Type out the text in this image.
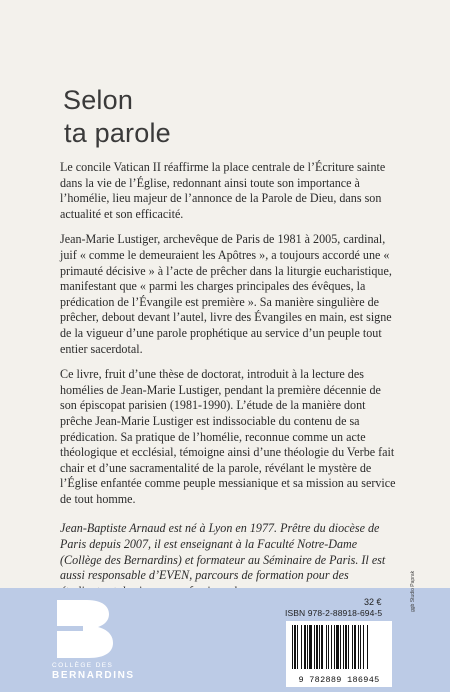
Selon
ta parole

Le concile Vatican II réaffirme la place centrale de l’Écriture sainte dans la vie de l’Église, redonnant ainsi toute son importance à l’homélie, lieu majeur de l’annonce de la Parole de Dieu, dans son actualité et son efficacité.

Jean-Marie Lustiger, archevêque de Paris de 1981 à 2005, cardinal, juif « comme le demeuraient les Apôtres », a toujours accordé une « primauté décisive » à l’acte de prêcher dans la liturgie eucharistique, manifestant que « parmi les charges principales des évêques, la prédication de l’Évangile est première ». Sa manière singulière de prêcher, debout devant l’autel, livre des Évangiles en main, est signe de la vigueur d’une parole prophétique au service d’un peuple tout entier sacerdotal.

Ce livre, fruit d’une thèse de doctorat, introduit à la lecture des homélies de Jean-Marie Lustiger, pendant la première décennie de son épiscopat parisien (1981-1990). L’étude de la manière dont prêche Jean-Marie Lustiger est indissociable du contenu de sa prédication. Sa pratique de l’homélie, reconnue comme un acte théologique et ecclésial, témoigne ainsi d’une théologie du Verbe fait chair et d’une sacramentalité de la parole, révélant le mystère de l’Église enfantée comme peuple messianique et sa mission au service de tout homme.

Jean-Baptiste Arnaud est né à Lyon en 1977. Prêtre du diocèse de Paris depuis 2007, il est enseignant à la Faculté Notre-Dame (Collège des Bernardins) et formateur au Séminaire de Paris. Il est aussi responsable d’EVEN, parcours de formation pour des

COLLÈGE DES
BERNARDINS
32 €
ISBN 978-2-88918-694-5
9 782889 186945
ggb Studio Paprak
